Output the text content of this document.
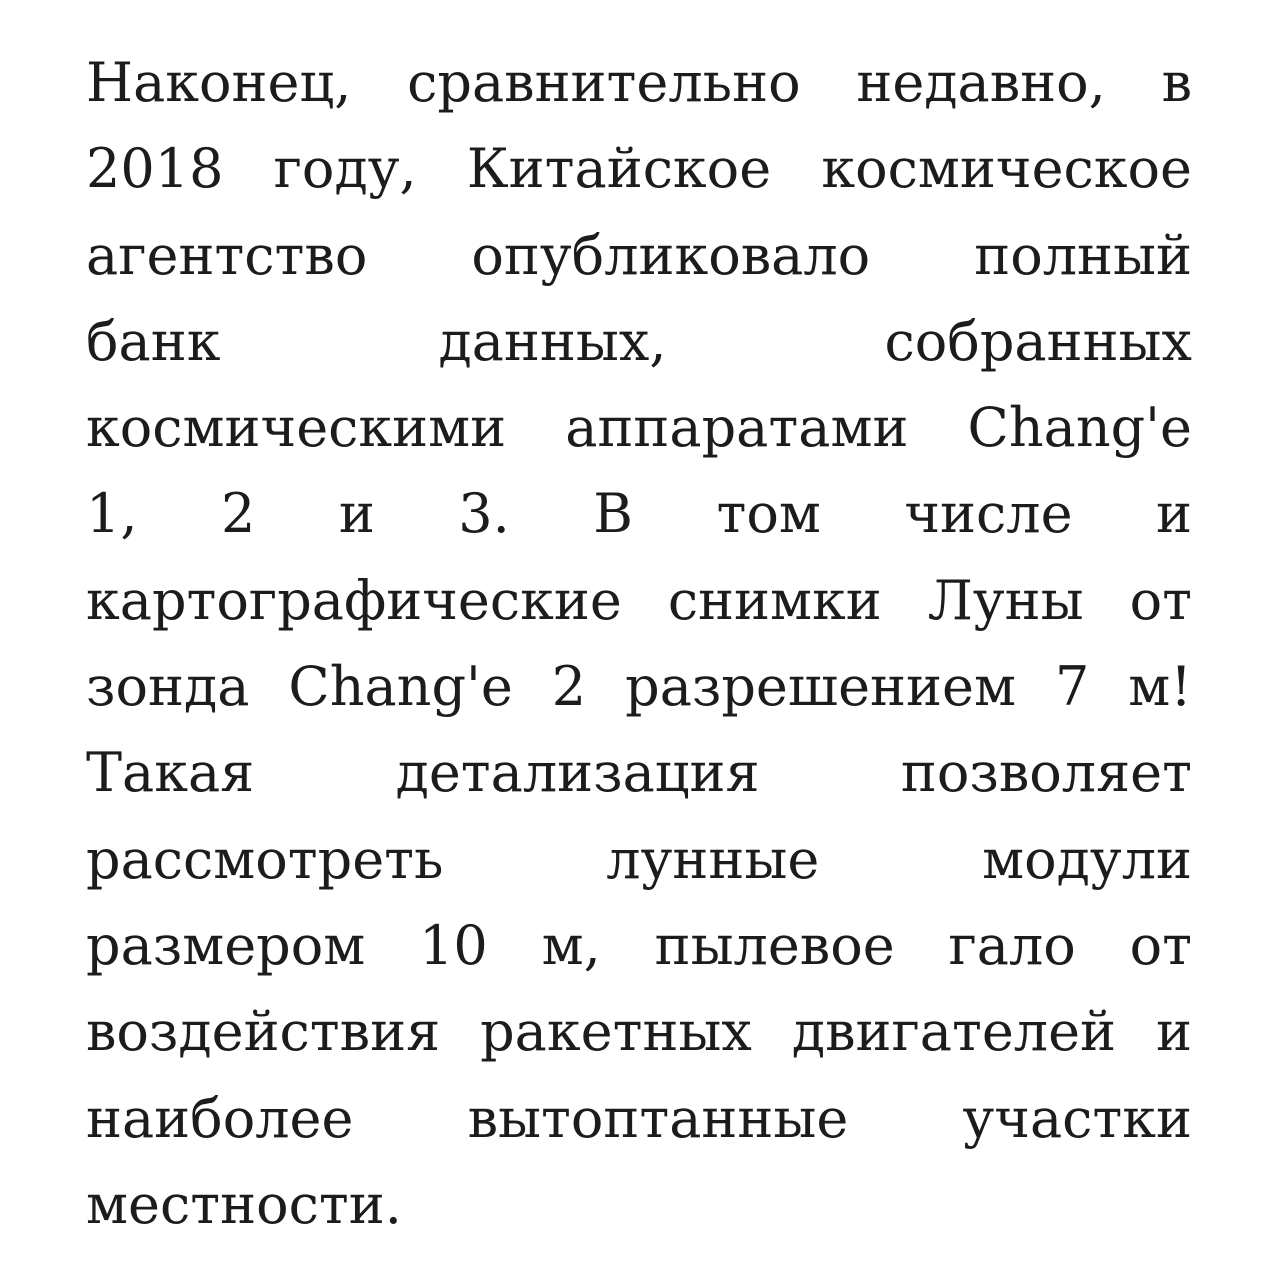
Наконец, сравнительно недавно, в
2018 году, Китайское космическое
агентство опубликовало полный
банк данных, собранных
космическими аппаратами Chang'e
1, 2 и 3. В том числе и
картографические снимки Луны от
зонда Chang'e 2 разрешением 7 м!
Такая детализация позволяет
рассмотреть лунные модули
размером 10 м, пылевое гало от
воздействия ракетных двигателей и
наиболее вытоптанные участки
местности.
